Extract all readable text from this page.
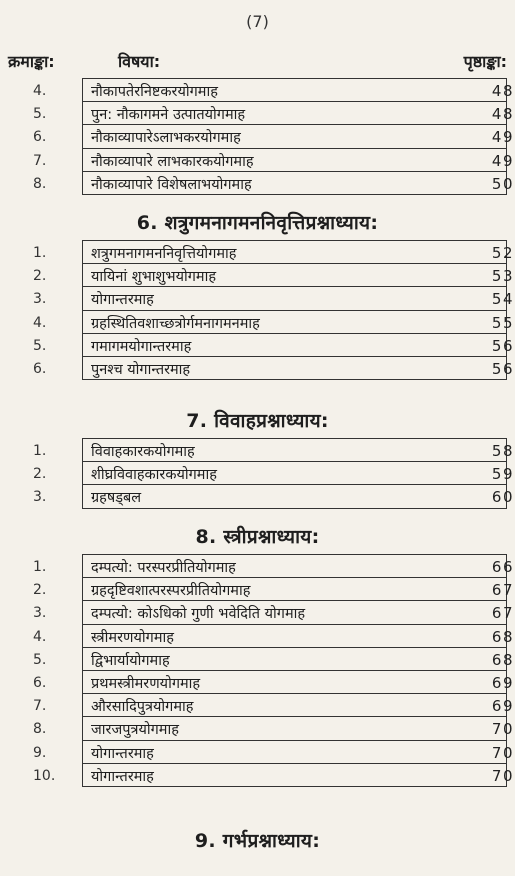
(7)
क्रमाङ्का:	विषया:	पृष्ठाङ्का:
4.	नौकापतेरनिष्टकरयोगमाह	48
5.	पुन: नौकागमने उत्पातयोगमाह	48
6.	नौकाव्यापारेऽलाभकरयोगमाह	49
7.	नौकाव्यापारे लाभकारकयोगमाह	49
8.	नौकाव्यापारे विशेषलाभयोगमाह	50
6. शत्रुगमनागमननिवृत्तिप्रश्नाध्याय:
1.	शत्रुगमनागमननिवृत्तियोगमाह	52
2.	यायिनां शुभाशुभयोगमाह	53
3.	योगान्तरमाह	54
4.	ग्रहस्थितिवशाच्छत्रोर्गमनागमनमाह	55
5.	गमागमयोगान्तरमाह	56
6.	पुनश्च योगान्तरमाह	56
7. विवाहप्रश्नाध्याय:
1.	विवाहकारकयोगमाह	58
2.	शीघ्रविवाहकारकयोगमाह	59
3.	ग्रहषड्बल	60
8. स्त्रीप्रश्नाध्याय:
1.	दम्पत्यो: परस्परप्रीतियोगमाह	66
2.	ग्रहदृष्टिवशात्परस्परप्रीतियोगमाह	67
3.	दम्पत्यो: कोऽधिको गुणी भवेदिति योगमाह	67
4.	स्त्रीमरणयोगमाह	68
5.	द्विभार्यायोगमाह	68
6.	प्रथमस्त्रीमरणयोगमाह	69
7.	औरसादिपुत्रयोगमाह	69
8.	जारजपुत्रयोगमाह	70
9.	योगान्तरमाह	70
10. योगान्तरमाह	70
9. गर्भप्रश्नाध्याय:
